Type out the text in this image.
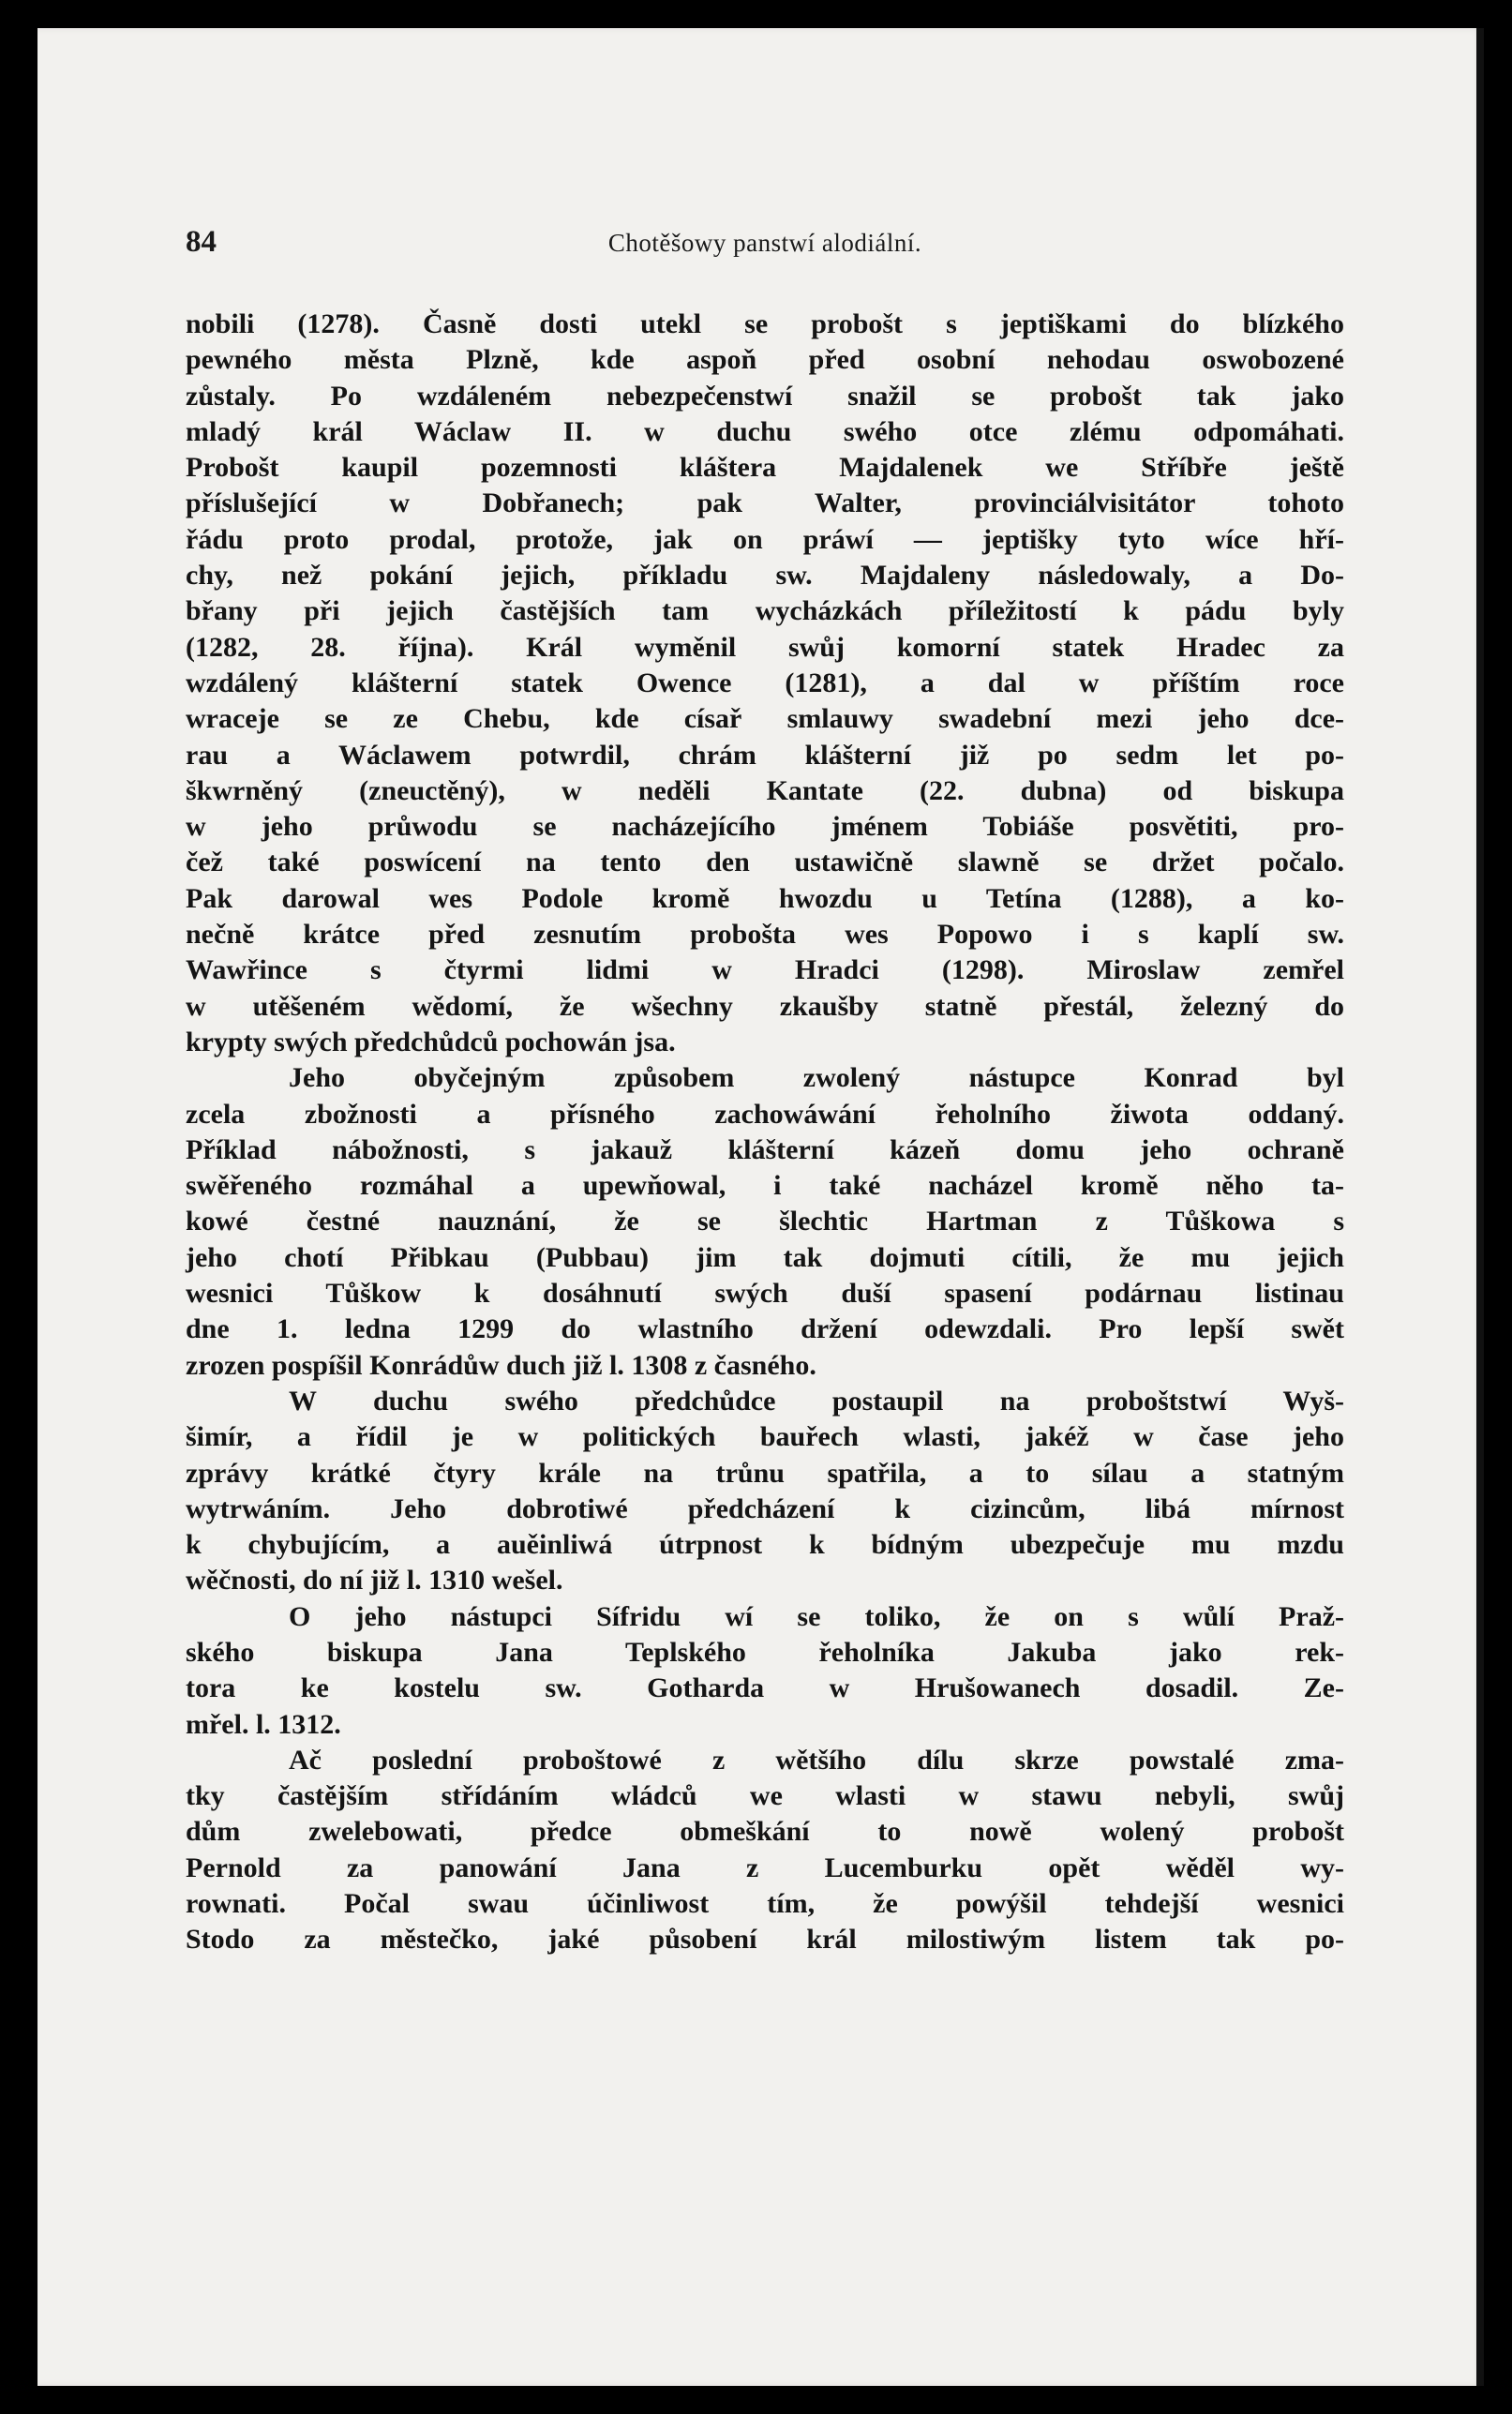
84	Chotěšowy panstwí alodiální.

nobili (1278). Časně dosti utekl se probošt s jeptiškami do blízkého

pewného města Plzně, kde aspoň před osobní nehodau oswobozené

zůstaly. Po wzdáleném nebezpečenstwí snažil se probošt tak jako

mladý král Wáclaw II. w duchu swého otce zlému odpomáhati.

Probošt kaupil pozemnosti kláštera Majdalenek we Stříbře ještě

příslušející w Dobřanech; pak Walter, provinciálvisitátor tohoto

řádu proto prodal, protože, jak on práwí — jeptišky tyto wíce hří-

chy, než pokání jejich, příkladu sw. Majdaleny následowaly, a Do-

břany při jejich častějších tam wycházkách příležitostí k pádu byly

(1282, 28. října). Král wyměnil swůj komorní statek Hradec za

wzdálený klášterní statek Owence (1281), a dal w příštím roce

wraceje se ze Chebu, kde císař smlauwy swadební mezi jeho dce-

rau a Wáclawem potwrdil, chrám klášterní již po sedm let po-

škwrněný (zneuctěný), w neděli Kantate (22. dubna) od biskupa

w jeho průwodu se nacházejícího jménem Tobiáše posvětiti, pro-

čež také poswícení na tento den ustawičně slawně se držet počalo.

Pak darowal wes Podole kromě hwozdu u Tetína (1288), a ko-

nečně krátce před zesnutím probošta wes Popowo i s kaplí sw.

Wawřince s čtyrmi lidmi w Hradci (1298). Miroslaw zemřel

w utěšeném wědomí, že wšechny zkaušby statně přestál, železný do

krypty swých předchůdců pochowán jsa.

Jeho obyčejným způsobem zwolený nástupce Konrad byl

zcela zbožnosti a přísného zachowáwání řeholního žiwota oddaný.

Příklad nábožnosti, s jakauž klášterní kázeň domu jeho ochraně

swěřeného rozmáhal a upewňowal, i také nacházel kromě něho ta-

kowé čestné nauznání, že se šlechtic Hartman z Tůškowa s

jeho chotí Přibkau (Pubbau) jim tak dojmuti cítili, že mu jejich

wesnici Tůškow k dosáhnutí swých duší spasení podárnau listinau

dne 1. ledna 1299 do wlastního držení odewzdali. Pro lepší swět

zrozen pospíšil Konrádůw duch již l. 1308 z časného.

W duchu swého předchůdce postaupil na proboštstwí Wyš-

šimír, a řídil je w politických bauřech wlasti, jakéž w čase jeho

zprávy krátké čtyry krále na trůnu spatřila, a to sílau a statným

wytrwáním. Jeho dobrotiwé předcházení k cizincům, libá mírnost

k chybujícím, a auěinliwá útrpnost k bídným ubezpečuje mu mzdu

wěčnosti, do ní již l. 1310 wešel.

O jeho nástupci Sífridu wí se toliko, že on s wůlí Praž-

ského biskupa Jana Teplského řeholníka Jakuba jako rek-

tora ke kostelu sw. Gotharda w Hrušowanech dosadil. Ze-

mřel. l. 1312.

Ač poslední proboštowé z wětšího dílu skrze powstalé zma-

tky častějším střídáním wládců we wlasti w stawu nebyli, swůj

dům zwelebowati, předce obmeškání to nowě wolený probošt

Pernold za panowání Jana z Lucemburku opět wěděl wy-

rownati. Počal swau účinliwost tím, že powýšil tehdejší wesnici

Stodo za městečko, jaké působení král milostiwým listem tak po-
